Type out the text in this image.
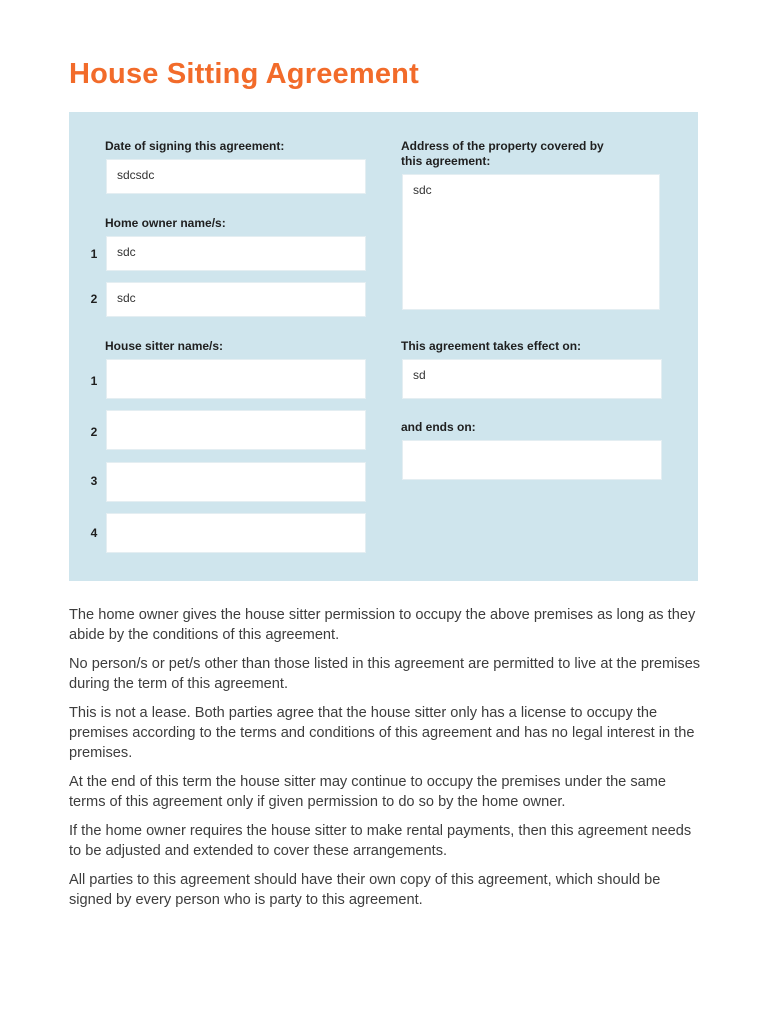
House Sitting Agreement
Date of signing this agreement:
sdcsdc
Home owner name/s:
1	sdc
2	sdc
House sitter name/s:
1
2
3
4
Address of the property covered by
this agreement:
sdc
This agreement takes effect on:
sd
and ends on:

The home owner gives the house sitter permission to occupy the above premises as long as they abide by the conditions of this agreement.

No person/s or pet/s other than those listed in this agreement are permitted to live at the premises during the term of this agreement.

This is not a lease. Both parties agree that the house sitter only has a license to occupy the premises according to the terms and conditions of this agreement and has no legal interest in the premises.

At the end of this term the house sitter may continue to occupy the premises under the same terms of this agreement only if given permission to do so by the home owner.

If the home owner requires the house sitter to make rental payments, then this agreement needs to be adjusted and extended to cover these arrangements.

All parties to this agreement should have their own copy of this agreement, which should be signed by every person who is party to this agreement.
